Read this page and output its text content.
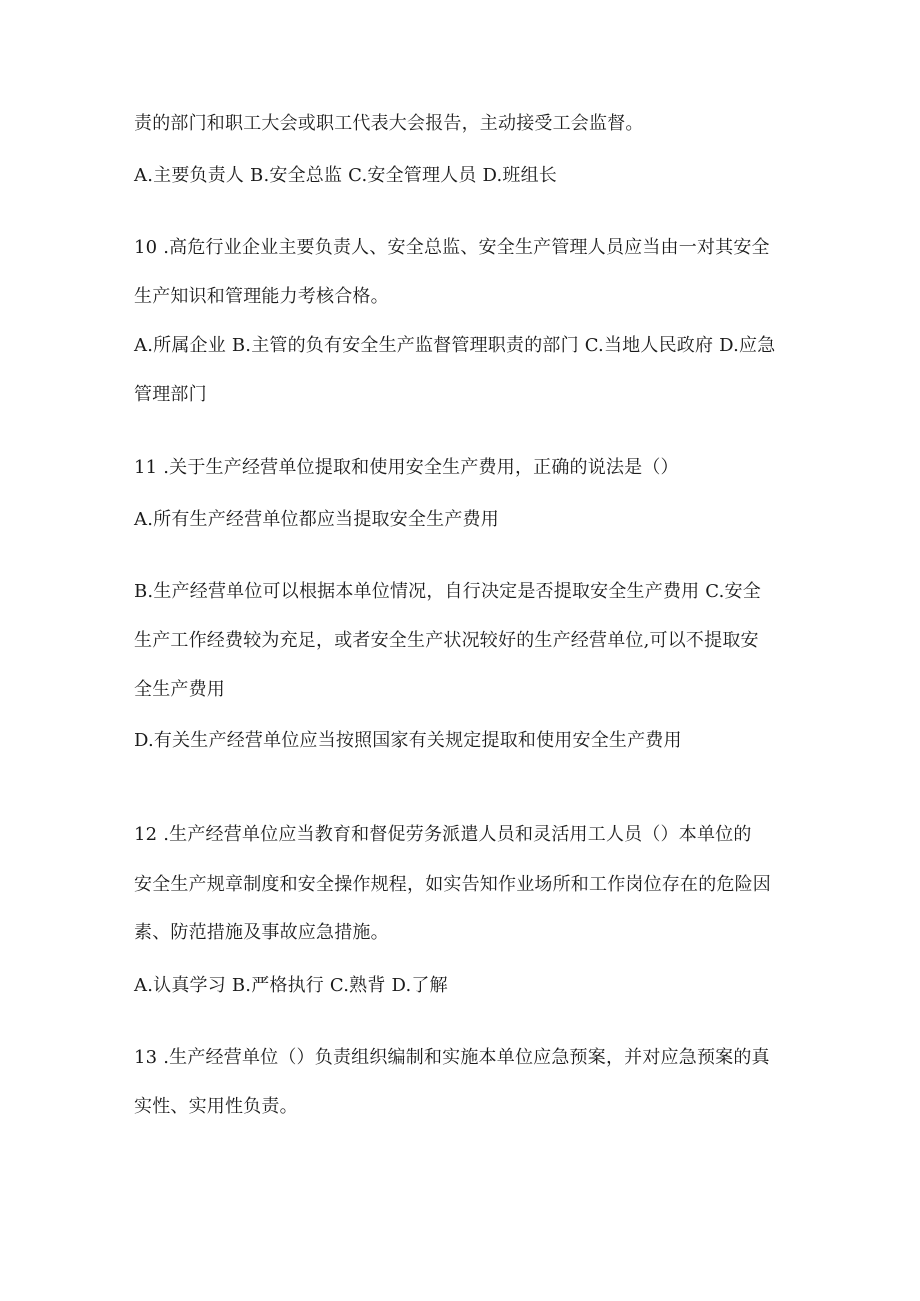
责的部门和职工大会或职工代表大会报告，主动接受工会监督。
A.主要负责人 B.安全总监 C.安全管理人员 D.班组长
10 .高危行业企业主要负责人、安全总监、安全生产管理人员应当由一对其安全
生产知识和管理能力考核合格。
A.所属企业 B.主管的负有安全生产监督管理职责的部门 C.当地人民政府 D.应急
管理部门
11 .关于生产经营单位提取和使用安全生产费用，正确的说法是（）
A.所有生产经营单位都应当提取安全生产费用
B.生产经营单位可以根据本单位情况，自行决定是否提取安全生产费用 C.安全
生产工作经费较为充足，或者安全生产状况较好的生产经营单位,可以不提取安
全生产费用
D.有关生产经营单位应当按照国家有关规定提取和使用安全生产费用
12 .生产经营单位应当教育和督促劳务派遣人员和灵活用工人员（）本单位的
安全生产规章制度和安全操作规程，如实告知作业场所和工作岗位存在的危险因
素、防范措施及事故应急措施。
A.认真学习 B.严格执行 C.熟背 D.了解
13 .生产经营单位（）负责组织编制和实施本单位应急预案，并对应急预案的真
实性、实用性负责。
